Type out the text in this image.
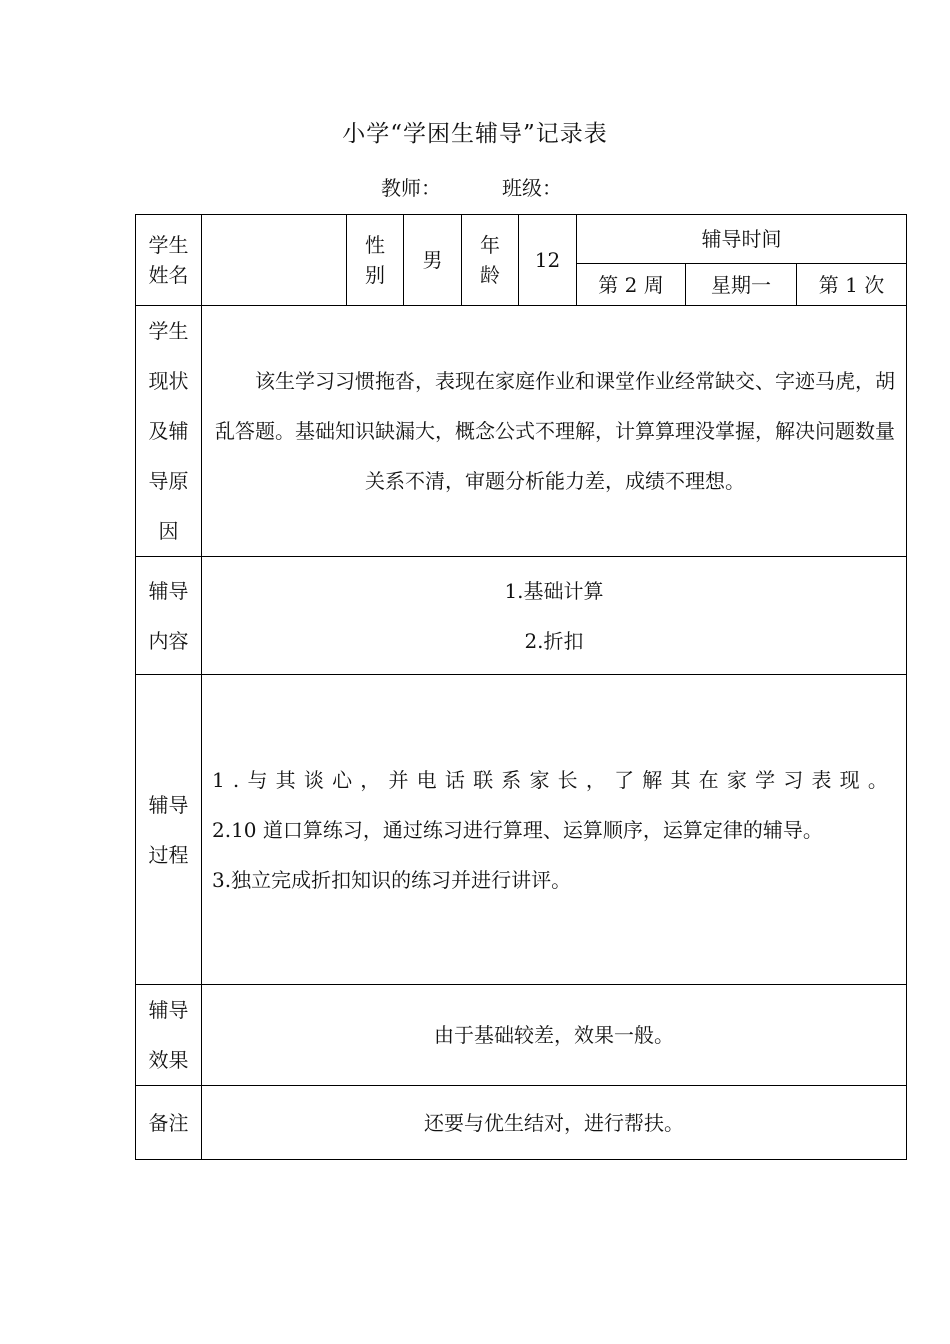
小学“学困生辅导”记录表
教师：	班级：
学生姓名		性别	男	年龄	12	辅导时间		
						第 2 周	星期一	第 1 次

学生现状及辅导原因	该生学习习惯拖沓，表现在家庭作业和课堂作业经常缺交、字迹马虎，胡乱答题。基础知识缺漏大，概念公式不理解，计算算理没掌握，解决问题数量关系不清，审题分析能力差，成绩不理想。							

辅导内容	1.基础计算
2.折扣							

辅导过程	1.与其谈心，并电话联系家长，了解其在家学习表现。
2.10 道口算练习，通过练习进行算理、运算顺序，运算定律的辅导。
3.独立完成折扣知识的练习并进行讲评。							

辅导效果	由于基础较差，效果一般。							
备注	还要与优生结对，进行帮扶。							
